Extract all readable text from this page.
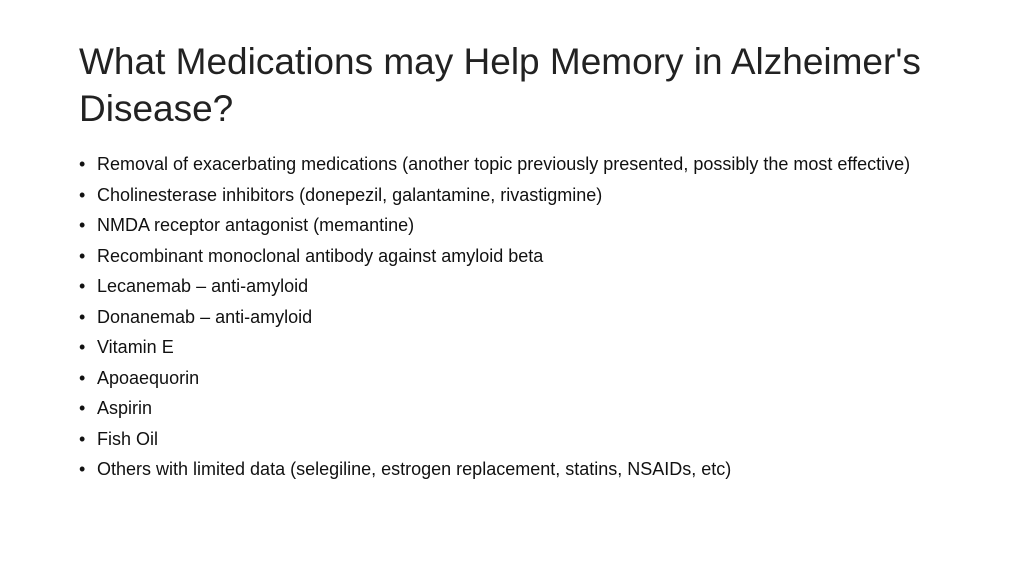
What Medications may Help Memory in Alzheimer's Disease?
• Removal of exacerbating medications (another topic previously presented, possibly the most effective)
• Cholinesterase inhibitors (donepezil, galantamine, rivastigmine)
• NMDA receptor antagonist (memantine)
• Recombinant monoclonal antibody against amyloid beta
• Lecanemab – anti-amyloid
• Donanemab – anti-amyloid
• Vitamin E
• Apoaequorin
• Aspirin
• Fish Oil
• Others with limited data (selegiline, estrogen replacement, statins, NSAIDs, etc)
